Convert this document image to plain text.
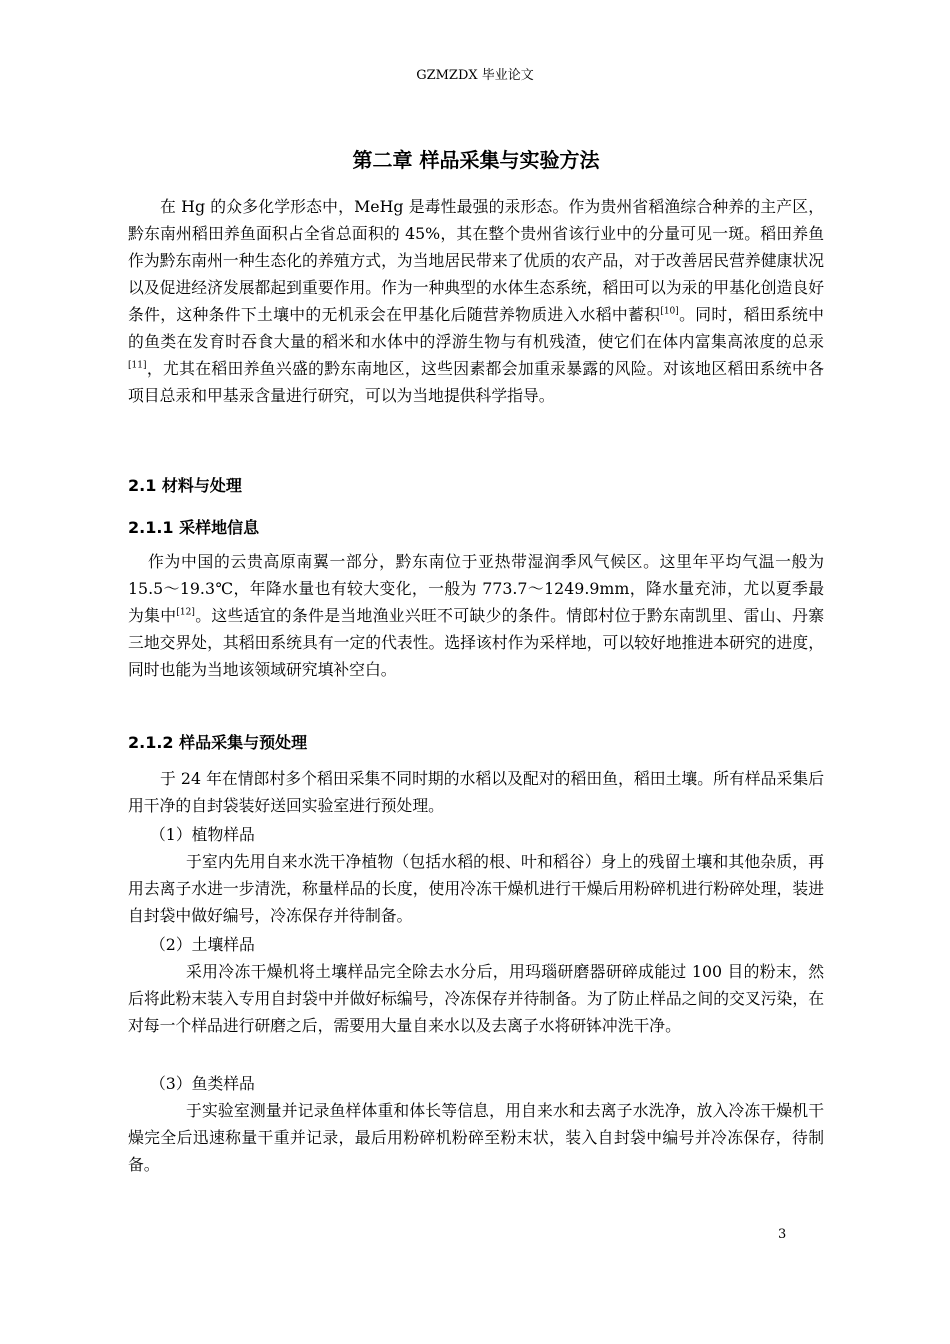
GZMZDX 毕业论文
第二章 样品采集与实验方法

在 Hg 的众多化学形态中，MeHg 是毒性最强的汞形态。作为贵州省稻渔综合种养的主产区，黔东南州稻田养鱼面积占全省总面积的 45%，其在整个贵州省该行业中的分量可见一斑。稻田养鱼作为黔东南州一种生态化的养殖方式，为当地居民带来了优质的农产品，对于改善居民营养健康状况以及促进经济发展都起到重要作用。作为一种典型的水体生态系统，稻田可以为汞的甲基化创造良好条件，这种条件下土壤中的无机汞会在甲基化后随营养物质进入水稻中蓄积[10]。同时，稻田系统中的鱼类在发育时吞食大量的稻米和水体中的浮游生物与有机残渣，使它们在体内富集高浓度的总汞 [11]，尤其在稻田养鱼兴盛的黔东南地区，这些因素都会加重汞暴露的风险。对该地区稻田系统中各项目总汞和甲基汞含量进行研究，可以为当地提供科学指导。

2.1 材料与处理
2.1.1 采样地信息

作为中国的云贵高原南翼一部分，黔东南位于亚热带湿润季风气候区。这里年平均气温一般为 15.5～19.3℃，年降水量也有较大变化，一般为 773.7～1249.9mm，降水量充沛，尤以夏季最为集中[12]。这些适宜的条件是当地渔业兴旺不可缺少的条件。情郎村位于黔东南凯里、雷山、丹寨三地交界处，其稻田系统具有一定的代表性。选择该村作为采样地，可以较好地推进本研究的进度，同时也能为当地该领域研究填补空白。

2.1.2 样品采集与预处理

于 24 年在情郎村多个稻田采集不同时期的水稻以及配对的稻田鱼，稻田土壤。所有样品采集后用干净的自封袋装好送回实验室进行预处理。

（1）植物样品

于室内先用自来水洗干净植物（包括水稻的根、叶和稻谷）身上的残留土壤和其他杂质，再用去离子水进一步清洗，称量样品的长度，使用冷冻干燥机进行干燥后用粉碎机进行粉碎处理，装进自封袋中做好编号，冷冻保存并待制备。

（2）土壤样品

采用冷冻干燥机将土壤样品完全除去水分后，用玛瑙研磨器研碎成能过 100 目的粉末，然后将此粉末装入专用自封袋中并做好标编号，冷冻保存并待制备。为了防止样品之间的交叉污染，在对每一个样品进行研磨之后，需要用大量自来水以及去离子水将研钵冲洗干净。

（3）鱼类样品

于实验室测量并记录鱼样体重和体长等信息，用自来水和去离子水洗净，放入冷冻干燥机干燥完全后迅速称量干重并记录，最后用粉碎机粉碎至粉末状，装入自封袋中编号并冷冻保存，待制备。

3
